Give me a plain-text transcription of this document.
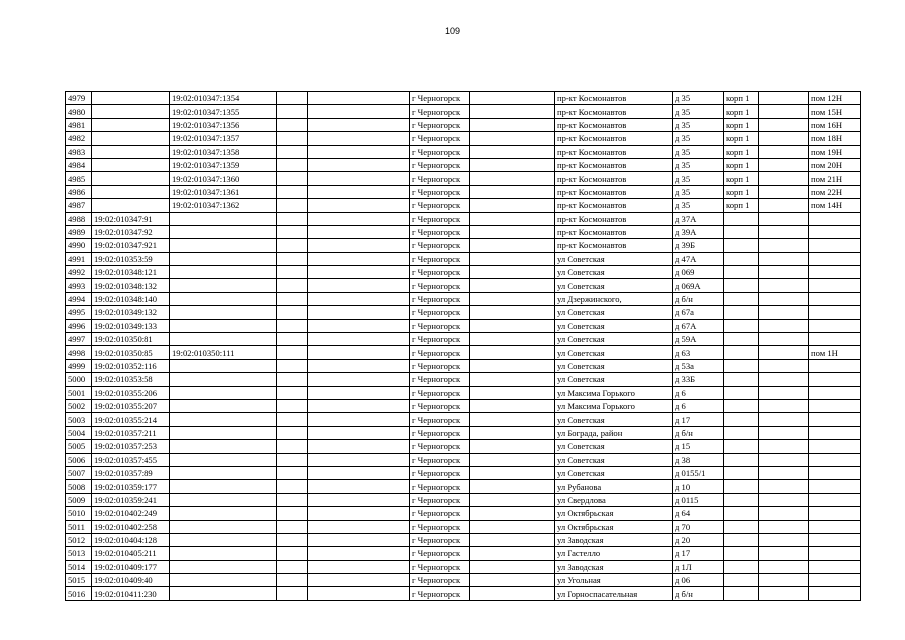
109
4979		19:02:010347:1354			г Черногорск		пр-кт Космонавтов	д 35	корп 1		пом 12Н
4980		19:02:010347:1355			г Черногорск		пр-кт Космонавтов	д 35	корп 1		пом 15Н
4981		19:02:010347:1356			г Черногорск		пр-кт Космонавтов	д 35	корп 1		пом 16Н
4982		19:02:010347:1357			г Черногорск		пр-кт Космонавтов	д 35	корп 1		пом 18Н
4983		19:02:010347:1358			г Черногорск		пр-кт Космонавтов	д 35	корп 1		пом 19Н
4984		19:02:010347:1359			г Черногорск		пр-кт Космонавтов	д 35	корп 1		пом 20Н
4985		19:02:010347:1360			г Черногорск		пр-кт Космонавтов	д 35	корп 1		пом 21Н
4986		19:02:010347:1361			г Черногорск		пр-кт Космонавтов	д 35	корп 1		пом 22Н
4987		19:02:010347:1362			г Черногорск		пр-кт Космонавтов	д 35	корп 1		пом 14Н
4988	19:02:010347:91				г Черногорск		пр-кт Космонавтов	д 37А			
4989	19:02:010347:92				г Черногорск		пр-кт Космонавтов	д 39А			
4990	19:02:010347:921				г Черногорск		пр-кт Космонавтов	д 39Б			
4991	19:02:010353:59				г Черногорск		ул Советская	д 47А			
4992	19:02:010348:121				г Черногорск		ул Советская	д 069			
4993	19:02:010348:132				г Черногорск		ул Советская	д 069А			
4994	19:02:010348:140				г Черногорск		ул Дзержинского,	д б/н			
4995	19:02:010349:132				г Черногорск		ул Советская	д 67а			
4996	19:02:010349:133				г Черногорск		ул Советская	д 67А			
4997	19:02:010350:81				г Черногорск		ул Советская	д 59А			
4998	19:02:010350:85	19:02:010350:111			г Черногорск		ул Советская	д 63			пом 1Н
4999	19:02:010352:116				г Черногорск		ул Советская	д 53а			
5000	19:02:010353:58				г Черногорск		ул Советская	д 33Б			
5001	19:02:010355:206				г Черногорск		ул Максима Горького	д 6			
5002	19:02:010355:207				г Черногорск		ул Максима Горького	д 6			
5003	19:02:010355:214				г Черногорск		ул Советская	д 17			
5004	19:02:010357:211				г Черногорск		ул Бограда, район	д б/н			
5005	19:02:010357:253				г Черногорск		ул Советская	д 15			
5006	19:02:010357:455				г Черногорск		ул Советская	д 38			
5007	19:02:010357:89				г Черногорск		ул Советская	д 0155/1			
5008	19:02:010359:177				г Черногорск		ул Рубанова	д 10			
5009	19:02:010359:241				г Черногорск		ул Свердлова	д 0115			
5010	19:02:010402:249				г Черногорск		ул Октябрьская	д 64			
5011	19:02:010402:258				г Черногорск		ул Октябрьская	д 70			
5012	19:02:010404:128				г Черногорск		ул Заводская	д 20			
5013	19:02:010405:211				г Черногорск		ул Гастелло	д 17			
5014	19:02:010409:177				г Черногорск		ул Заводская	д 1Л			
5015	19:02:010409:40				г Черногорск		ул Угольная	д 06			
5016	19:02:010411:230				г Черногорск		ул Горноспасательная	д б/н			
